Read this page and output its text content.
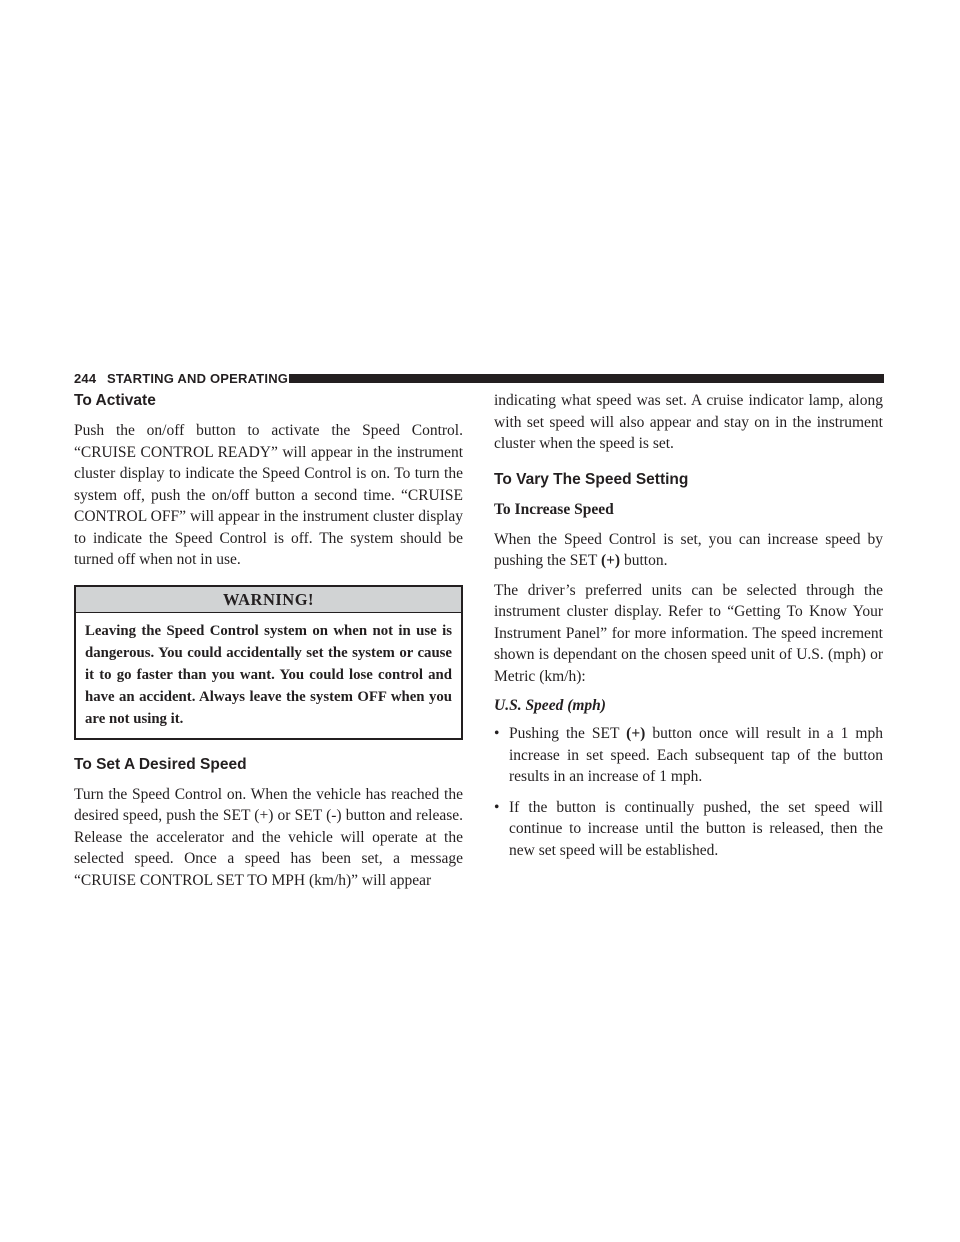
244 STARTING AND OPERATING
To Activate

Push the on/off button to activate the Speed Control. “CRUISE CONTROL READY” will appear in the instrument cluster display to indicate the Speed Control is on. To turn the system off, push the on/off button a second time. “CRUISE CONTROL OFF” will appear in the instrument cluster display to indicate the Speed Control is off. The system should be turned off when not in use.

WARNING!
Leaving the Speed Control system on when not in use is dangerous. You could accidentally set the system or cause it to go faster than you want. You could lose control and have an accident. Always leave the system OFF when you are not using it.
To Set A Desired Speed

Turn the Speed Control on. When the vehicle has reached the desired speed, push the SET (+) or SET (-) button and release. Release the accelerator and the vehicle will operate at the selected speed. Once a speed has been set, a message “CRUISE CONTROL SET TO MPH (km/h)” will appear

indicating what speed was set. A cruise indicator lamp, along with set speed will also appear and stay on in the instrument cluster when the speed is set.

To Vary The Speed Setting

To Increase Speed

When the Speed Control is set, you can increase speed by pushing the SET (+) button.

The driver’s preferred units can be selected through the instrument cluster display. Refer to “Getting To Know Your Instrument Panel” for more information. The speed increment shown is dependant on the chosen speed unit of U.S. (mph) or Metric (km/h):

U.S. Speed (mph)

• Pushing the SET (+) button once will result in a 1 mph increase in set speed. Each subsequent tap of the button results in an increase of 1 mph.
• If the button is continually pushed, the set speed will continue to increase until the button is released, then the new set speed will be established.
